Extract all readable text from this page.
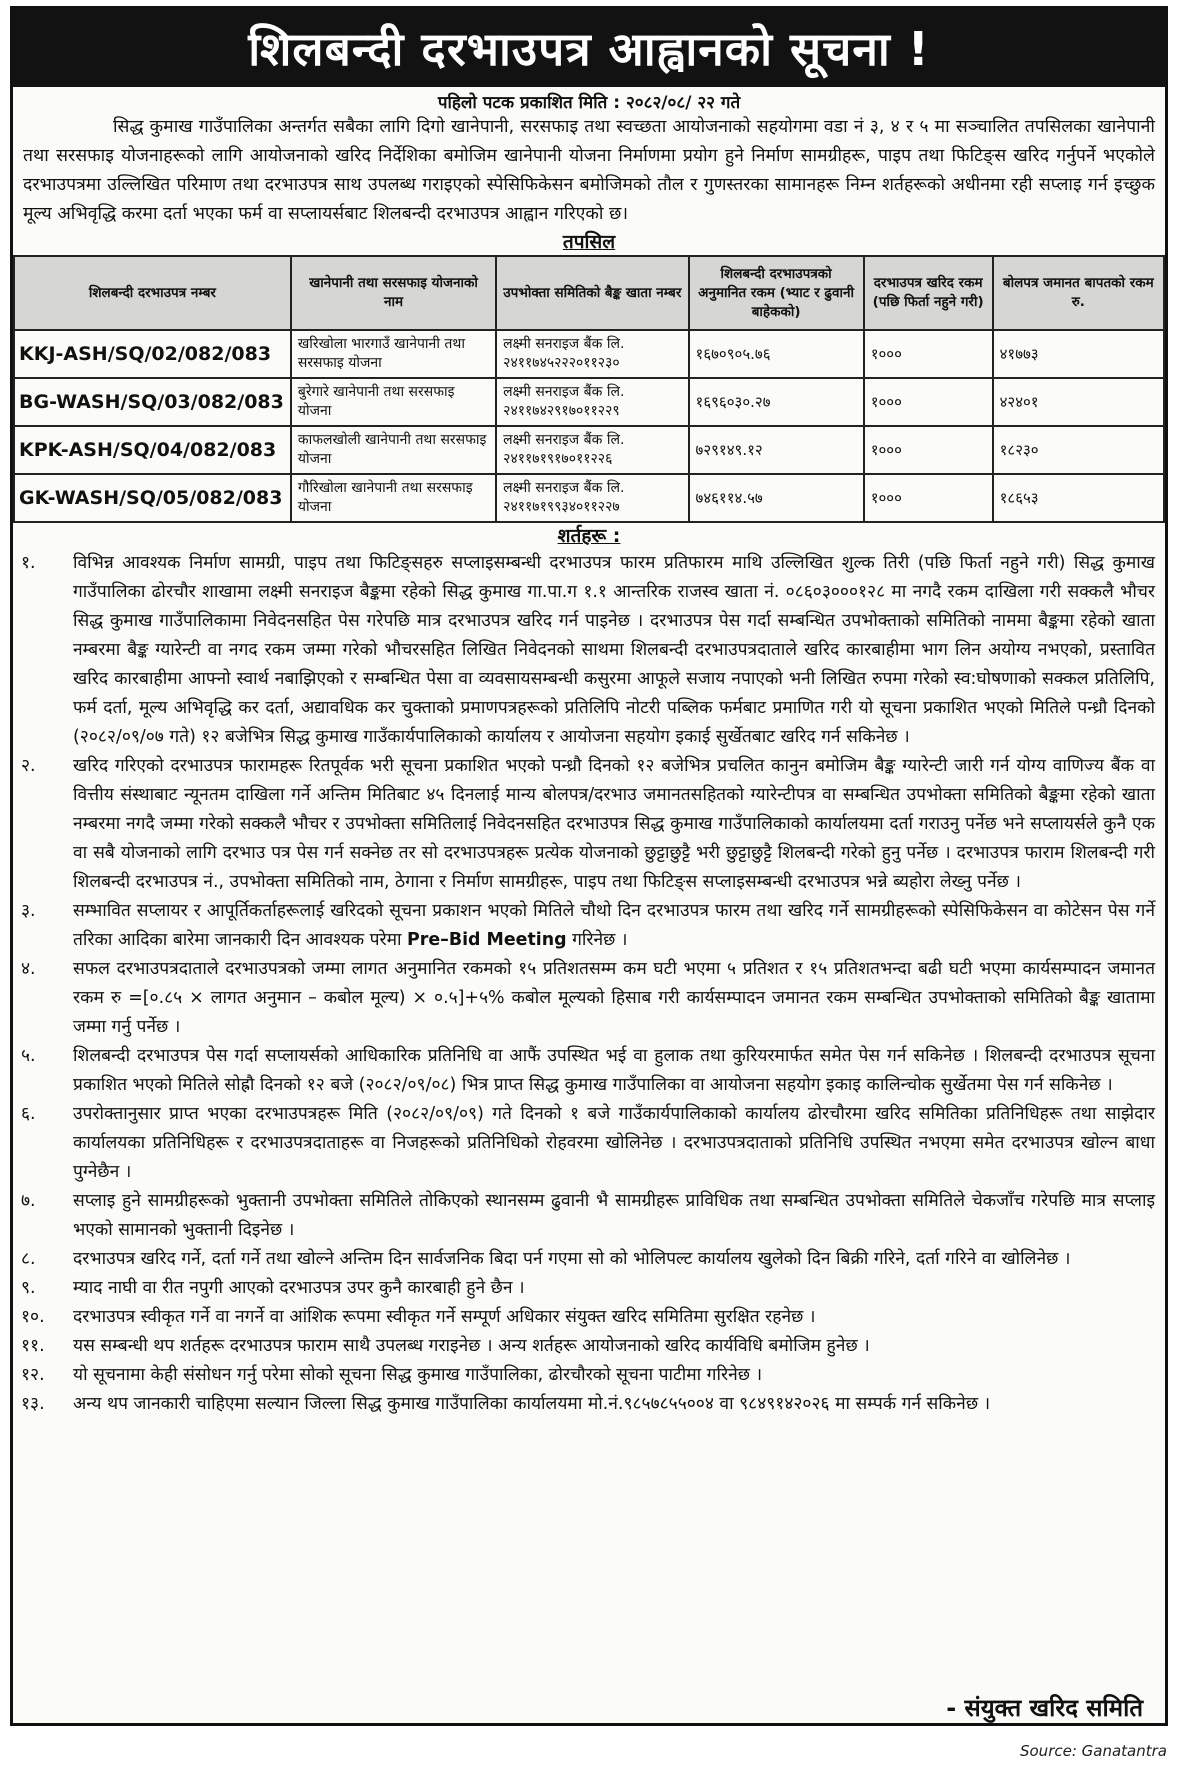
शिलबन्दी दरभाउपत्र आह्वानको सूचना !
पहिलो पटक प्रकाशित मिति : २०८२/०८/ २२ गते
सिद्ध कुमाख गाउँपालिका अन्तर्गत सबैका लागि दिगो खानेपानी, सरसफाइ तथा स्वच्छता आयोजनाको सहयोगमा वडा नं ३, ४ र ५ मा सञ्चालित तपसिलका खानेपानी तथा सरसफाइ योजनाहरूको लागि आयोजनाको खरिद निर्देशिका बमोजिम खानेपानी योजना निर्माणमा प्रयोग हुने निर्माण सामग्रीहरू, पाइप तथा फिटिङ्स खरिद गर्नुपर्ने भएकोले दरभाउपत्रमा उल्लिखित परिमाण तथा दरभाउपत्र साथ उपलब्ध गराइएको स्पेसिफिकेसन बमोजिमको तौल र गुणस्तरका सामानहरू निम्न शर्तहरूको अधीनमा रही सप्लाइ गर्न इच्छुक मूल्य अभिवृद्धि करमा दर्ता भएका फर्म वा सप्लायर्सबाट शिलबन्दी दरभाउपत्र आह्वान गरिएको छ।
तपसिल
शिलबन्दी दरभाउपत्र नम्बर	खानेपानी तथा सरसफाइ योजनाको नाम	उपभोक्ता समितिको बैङ्क खाता नम्बर	शिलबन्दी दरभाउपत्रको अनुमानित रकम (भ्याट र ढुवानी बाहेकको)	दरभाउपत्र खरिद रकम (पछि फिर्ता नहुने गरी)	बोलपत्र जमानत बापतको रकम रु.
KKJ-ASH/SQ/02/082/083	खरिखोला भारगाउँ खानेपानी तथा सरसफाइ योजना	लक्ष्मी सनराइज बैंक लि. २४११७४५२२२०११२३०	१६७०९०५.७६	१०००	४१७७३
BG-WASH/SQ/03/082/083	बुरेगारे खानेपानी तथा सरसफाइ योजना	लक्ष्मी सनराइज बैंक लि. २४११७४२९१७०११२२९	१६९६०३०.२७	१०००	४२४०१
KPK-ASH/SQ/04/082/083	काफलखोली खानेपानी तथा सरसफाइ योजना	लक्ष्मी सनराइज बैंक लि. २४११७१९१७०११२२६	७२९१४९.१२	१०००	१८२३०
GK-WASH/SQ/05/082/083	गौरिखोला खानेपानी तथा सरसफाइ योजना	लक्ष्मी सनराइज बैंक लि. २४११७१९९३४०११२२७	७४६११४.५७	१०००	१८६५३
शर्तहरू :
१.	विभिन्न आवश्यक निर्माण सामग्री, पाइप तथा फिटिङ्सहरु सप्लाइसम्बन्धी दरभाउपत्र फारम प्रतिफारम माथि उल्लिखित शुल्क तिरी (पछि फिर्ता नहुने गरी) सिद्ध कुमाख गाउँपालिका ढोरचौर शाखामा लक्ष्मी सनराइज बैङ्कमा रहेको सिद्ध कुमाख गा.पा.ग १.१ आन्तरिक राजस्व खाता नं. ०८६०३०००१२८ मा नगदै रकम दाखिला गरी सक्कलै भौचर सिद्ध कुमाख गाउँपालिकामा निवेदनसहित पेस गरेपछि मात्र दरभाउपत्र खरिद गर्न पाइनेछ । दरभाउपत्र पेस गर्दा सम्बन्धित उपभोक्ताको समितिको नाममा बैङ्कमा रहेको खाता नम्बरमा बैङ्क ग्यारेन्टी वा नगद रकम जम्मा गरेको भौचरसहित लिखित निवेदनको साथमा शिलबन्दी दरभाउपत्रदाताले खरिद कारबाहीमा भाग लिन अयोग्य नभएको, प्रस्तावित खरिद कारबाहीमा आफ्नो स्वार्थ नबाझिएको र सम्बन्धित पेसा वा व्यवसायसम्बन्धी कसुरमा आफूले सजाय नपाएको भनी लिखित रुपमा गरेको स्व:घोषणाको सक्कल प्रतिलिपि, फर्म दर्ता, मूल्य अभिवृद्धि कर दर्ता, अद्यावधिक कर चुक्ताको प्रमाणपत्रहरूको प्रतिलिपि नोटरी पब्लिक फर्मबाट प्रमाणित गरी यो सूचना प्रकाशित भएको मितिले पन्ध्रौ दिनको (२०८२/०९/०७ गते) १२ बजेभित्र सिद्ध कुमाख गाउँकार्यपालिकाको कार्यालय र आयोजना सहयोग इकाई सुर्खेतबाट खरिद गर्न सकिनेछ ।
२.	खरिद गरिएको दरभाउपत्र फारामहरू रितपूर्वक भरी सूचना प्रकाशित भएको पन्ध्रौ दिनको १२ बजेभित्र प्रचलित कानुन बमोजिम बैङ्क ग्यारेन्टी जारी गर्न योग्य वाणिज्य बैंक वा वित्तीय संस्थाबाट न्यूनतम दाखिला गर्ने अन्तिम मितिबाट ४५ दिनलाई मान्य बोलपत्र/दरभाउ जमानतसहितको ग्यारेन्टीपत्र वा सम्बन्धित उपभोक्ता समितिको बैङ्कमा रहेको खाता नम्बरमा नगदै जम्मा गरेको सक्कलै भौचर र उपभोक्ता समितिलाई निवेदनसहित दरभाउपत्र सिद्ध कुमाख गाउँपालिकाको कार्यालयमा दर्ता गराउनु पर्नेछ भने सप्लायर्सले कुनै एक वा सबै योजनाको लागि दरभाउ पत्र पेस गर्न सक्नेछ तर सो दरभाउपत्रहरू प्रत्येक योजनाको छुट्टाछुट्टै भरी छुट्टाछुट्टै शिलबन्दी गरेको हुनु पर्नेछ । दरभाउपत्र फाराम शिलबन्दी गरी शिलबन्दी दरभाउपत्र नं., उपभोक्ता समितिको नाम, ठेगाना र निर्माण सामग्रीहरू, पाइप तथा फिटिङ्स सप्लाइसम्बन्धी दरभाउपत्र भन्ने ब्यहोरा लेख्नु पर्नेछ ।
३.	सम्भावित सप्लायर र आपूर्तिकर्ताहरूलाई खरिदको सूचना प्रकाशन भएको मितिले चौथो दिन दरभाउपत्र फारम तथा खरिद गर्ने सामग्रीहरूको स्पेसिफिकेसन वा कोटेसन पेस गर्ने तरिका आदिका बारेमा जानकारी दिन आवश्यक परेमा Pre–Bid Meeting गरिनेछ ।
४.	सफल दरभाउपत्रदाताले दरभाउपत्रको जम्मा लागत अनुमानित रकमको १५ प्रतिशतसम्म कम घटी भएमा ५ प्रतिशत र १५ प्रतिशतभन्दा बढी घटी भएमा कार्यसम्पादन जमानत रकम रु =[०.८५ × लागत अनुमान – कबोल मूल्य) × ०.५]+५% कबोल मूल्यको हिसाब गरी कार्यसम्पादन जमानत रकम सम्बन्धित उपभोक्ताको समितिको बैङ्क खातामा जम्मा गर्नु पर्नेछ ।
५.	शिलबन्दी दरभाउपत्र पेस गर्दा सप्लायर्सको आधिकारिक प्रतिनिधि वा आफैं उपस्थित भई वा हुलाक तथा कुरियरमार्फत समेत पेस गर्न सकिनेछ । शिलबन्दी दरभाउपत्र सूचना प्रकाशित भएको मितिले सोह्रौ दिनको १२ बजे (२०८२/०९/०८) भित्र प्राप्त सिद्ध कुमाख गाउँपालिका वा आयोजना सहयोग इकाइ कालिन्चोक सुर्खेतमा पेस गर्न सकिनेछ ।
६.	उपरोक्तानुसार प्राप्त भएका दरभाउपत्रहरू मिति (२०८२/०९/०९) गते दिनको १ बजे गाउँकार्यपालिकाको कार्यालय ढोरचौरमा खरिद समितिका प्रतिनिधिहरू तथा साझेदार कार्यालयका प्रतिनिधिहरू र दरभाउपत्रदाताहरू वा निजहरूको प्रतिनिधिको रोहवरमा खोलिनेछ । दरभाउपत्रदाताको प्रतिनिधि उपस्थित नभएमा समेत दरभाउपत्र खोल्न बाधा पुग्नेछैन ।
७.	सप्लाइ हुने सामग्रीहरूको भुक्तानी उपभोक्ता समितिले तोकिएको स्थानसम्म ढुवानी भै सामग्रीहरू प्राविधिक तथा सम्बन्धित उपभोक्ता समितिले चेकजाँच गरेपछि मात्र सप्लाइ भएको सामानको भुक्तानी दिइनेछ ।
८.	दरभाउपत्र खरिद गर्ने, दर्ता गर्ने तथा खोल्ने अन्तिम दिन सार्वजनिक बिदा पर्न गएमा सो को भोलिपल्ट कार्यालय खुलेको दिन बिक्री गरिने, दर्ता गरिने वा खोलिनेछ ।
९.	म्याद नाघी वा रीत नपुगी आएको दरभाउपत्र उपर कुनै कारबाही हुने छैन ।
१०.	दरभाउपत्र स्वीकृत गर्ने वा नगर्ने वा आंशिक रूपमा स्वीकृत गर्ने सम्पूर्ण अधिकार संयुक्त खरिद समितिमा सुरक्षित रहनेछ ।
११.	यस सम्बन्धी थप शर्तहरू दरभाउपत्र फाराम साथै उपलब्ध गराइनेछ । अन्य शर्तहरू आयोजनाको खरिद कार्यविधि बमोजिम हुनेछ ।
१२.	यो सूचनामा केही संसोधन गर्नु परेमा सोको सूचना सिद्ध कुमाख गाउँपालिका, ढोरचौरको सूचना पाटीमा गरिनेछ ।
१३.	अन्य थप जानकारी चाहिएमा सल्यान जिल्ला सिद्ध कुमाख गाउँपालिका कार्यालयमा मो.नं.९८५७८५५००४ वा ९८४९१४२०२६ मा सम्पर्क गर्न सकिनेछ ।
- संयुक्त खरिद समिति
Source: Ganatantra
